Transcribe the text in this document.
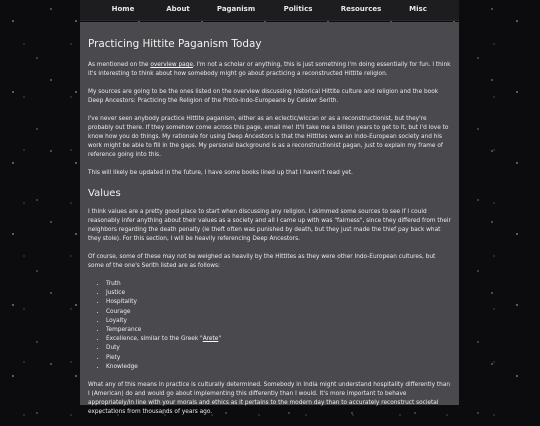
Home	About	Paganism	Politics	Resources	Misc
Practicing Hittite Paganism Today

As mentioned on the overview page, I'm not a scholar or anything, this is just something I'm doing essentially for fun. I think it's interesting to think about how somebody might go about practicing a reconstructed Hittite religion.

My sources are going to be the ones listed on the overview discussing historical Hittite culture and religion and the book Deep Ancestors: Practicing the Religion of the Proto-Indo-Europeans by Ceisiwr Serith.

I've never seen anybody practice Hittite paganism, either as an eclectic/wiccan or as a reconstructionist, but they're probably out there. If they somehow come across this page, email me! It'll take me a billion years to get to it, but I'd love to know how you do things. My rationale for using Deep Ancestors is that the Hittites were an Indo-European society and his work might be able to fill in the gaps. My personal background is as a reconstructionist pagan, just to explain my frame of reference going into this.

This will likely be updated in the future, I have some books lined up that I haven't read yet.

Values

I think values are a pretty good place to start when discussing any religion. I skimmed some sources to see if I could reasonably infer anything about their values as a society and all I came up with was "fairness", since they differed from their neighbors regarding the death penalty (ie theft often was punished by death, but they just made the thief pay back what they stole). For this section, I will be heavily referencing Deep Ancestors.

Of course, some of these may not be weighed as heavily by the Hittites as they were other Indo-European cultures, but some of the one's Serith listed are as follows:

• Truth
• Justice
• Hospitality
• Courage
• Loyalty
• Temperance
• Excellence, similar to the Greek "Arete"
• Duty
• Piety
• Knowledge

What any of this means in practice is culturally determined. Somebody in India might understand hospitality differently than I (American) do and would go about implementing this differently than I would. It's more important to behave appropriately/in line with your morals and ethics as it pertains to the modern day than to accurately reconstruct societal expectations from thousands of years ago.
